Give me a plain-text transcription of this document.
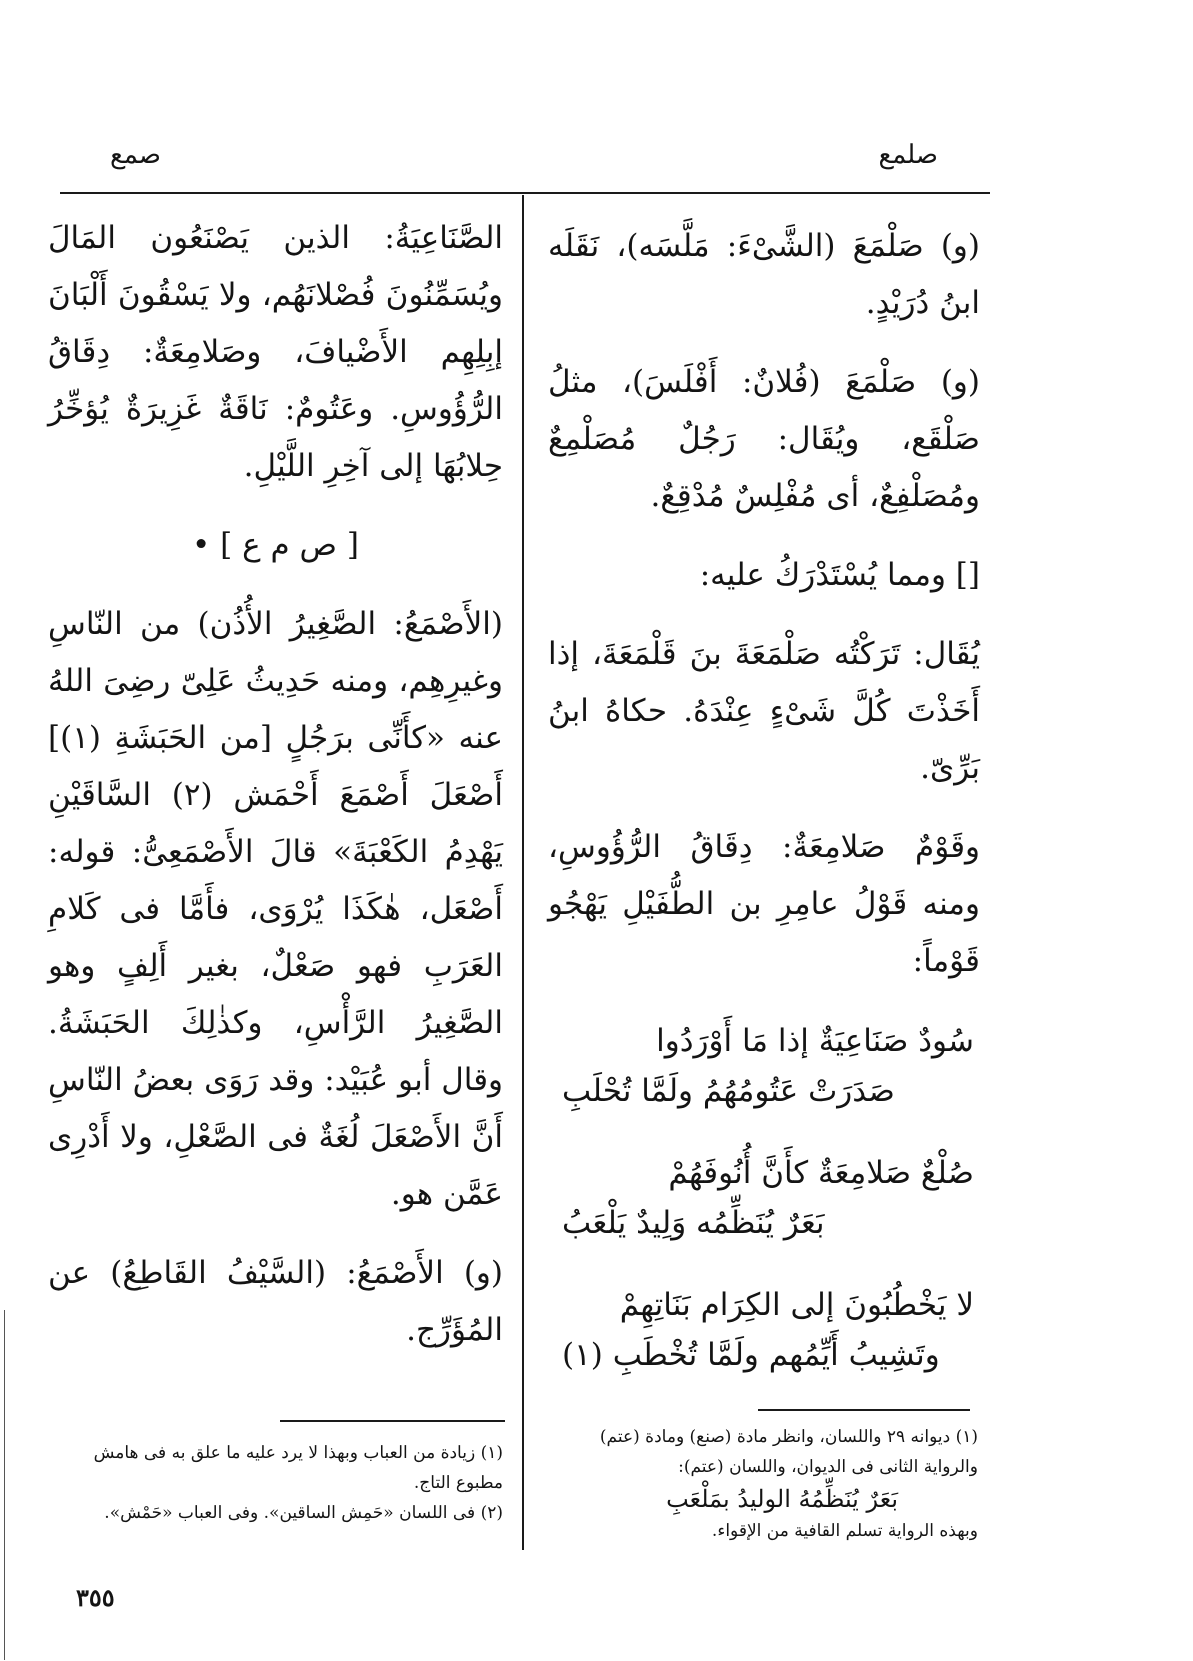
صلمع
صمع

(و) صَلْمَعَ (الشَّىْءَ: مَلَّسَه)، نَقَلَه ابنُ دُرَيْدٍ.

(و) صَلْمَعَ (فُلانٌ: أَفْلَسَ)، مثلُ صَلْقَع، ويُقَال: رَجُلٌ مُصَلْمِعٌ ومُصَلْفِعٌ، أى مُفْلِسٌ مُدْقِعٌ.

[] ومما يُسْتَدْرَكُ عليه:

يُقَال: تَرَكْتُه صَلْمَعَةَ بنَ قَلْمَعَةَ، إذا أَخَذْتَ كُلَّ شَىْءٍ عِنْدَهُ. حكاهُ ابنُ بَرِّىّ.

وقَوْمٌ صَلامِعَةٌ: دِقَاقُ الرُّؤُوسِ، ومنه قَوْلُ عامِرِ بن الطُّفَيْلِ يَهْجُو قَوْماً:

سُودٌ صَنَاعِيَةٌ إذا مَا أَوْرَدُوا
صَدَرَتْ عَتُومُهُمُ ولَمَّا تُحْلَبِ
صُلْعٌ صَلامِعَةٌ كأَنَّ أُنُوفَهُمْ
بَعَرٌ يُنَظِّمُه وَلِيدٌ يَلْعَبُ
لا يَخْطُبُونَ إلى الكِرَام بَنَاتِهِمْ
وتَشِيبُ أَيِّمُهم ولَمَّا تُخْطَبِ (١)
(١) ديوانه ٢٩ واللسان، وانظر مادة (صنع) ومادة (عتم) والرواية الثانى فى الديوان، واللسان (عتم):
بَعَرٌ يُنَظِّمُهُ الوليدُ بمَلْعَبِ
وبهذه الرواية تسلم القافية من الإقواء.

الصَّنَاعِيَةُ: الذين يَصْنَعُون المَالَ ويُسَمِّنُونَ فُصْلانَهُم، ولا يَسْقُونَ أَلْبَانَ إبِلِهِم الأَضْيافَ، وصَلامِعَةٌ: دِقَاقُ الرُّؤُوسِ. وعَتُومٌ: نَاقَةٌ غَزِيرَةٌ يُؤخِّرُ حِلابُهَا إلى آخِرِ اللَّيْلِ.

[ ص م ع ] •

(الأَصْمَعُ: الصَّغِيرُ الأُذُن) من النّاسِ وغيرِهِم، ومنه حَدِيثُ عَلِىّ رضِىَ اللهُ عنه «كأَنِّى برَجُلٍ [من الحَبَشَةِ (١)] أَصْعَلَ أَصْمَعَ أَحْمَش (٢) السَّاقَيْنِ يَهْدِمُ الكَعْبَةَ» قالَ الأَصْمَعِىُّ: قوله: أَصْعَل، هٰكَذَا يُرْوَى، فأَمَّا فى كَلامِ العَرَبِ فهو صَعْلٌ، بغير أَلِفٍ وهو الصَّغِيرُ الرَّأْسِ، وكذٰلِكَ الحَبَشَةُ. وقال أبو عُبَيْد: وقد رَوَى بعضُ النّاسِ أَنَّ الأَصْعَلَ لُغَةٌ فى الصَّعْلِ، ولا أَدْرِى عَمَّن هو.

(و) الأَصْمَعُ: (السَّيْفُ القَاطِعُ) عن المُؤَرِّج.

(١) زيادة من العباب وبهذا لا يرد عليه ما علق به فى هامش مطبوع التاج.
(٢) فى اللسان «حَمِش الساقين». وفى العباب «حَمْش».
٣٥٥
